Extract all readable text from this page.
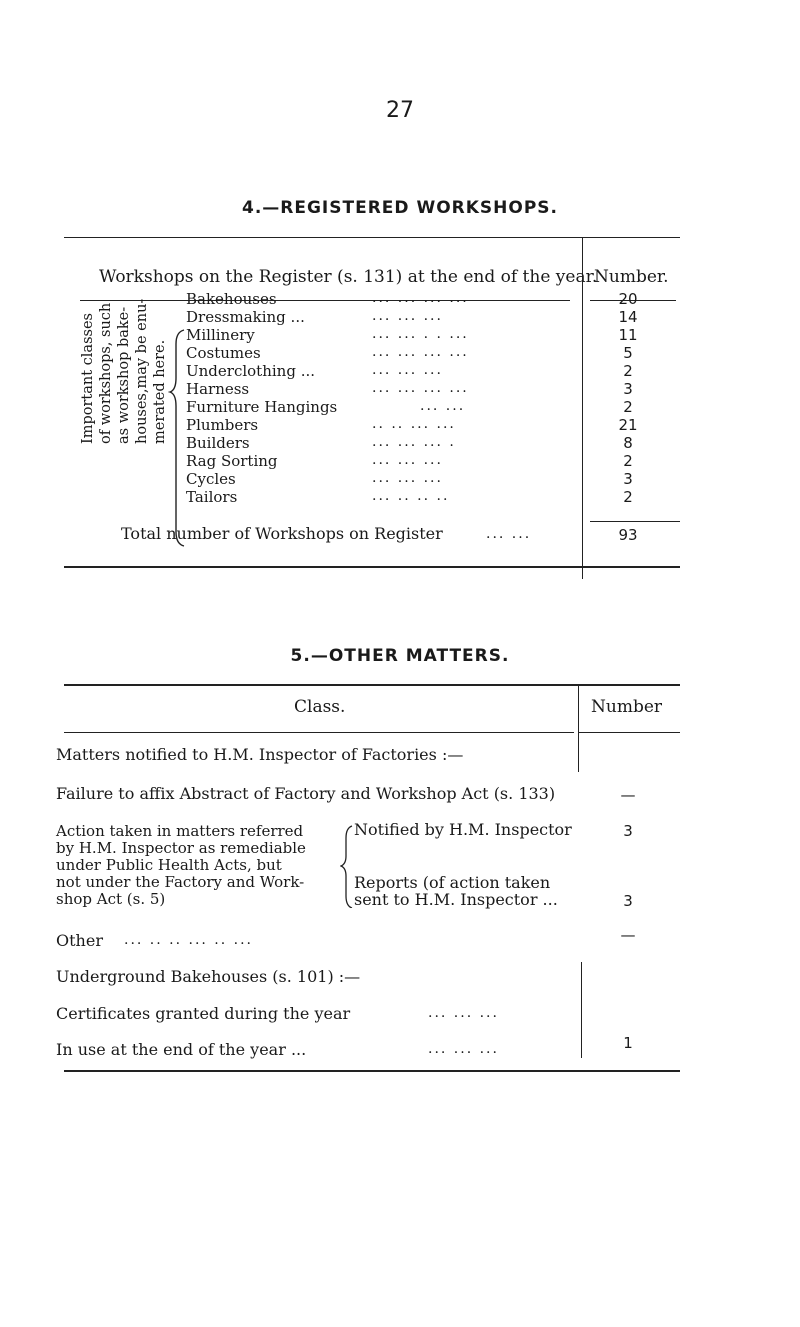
27
4.—REGISTERED WORKSHOPS.
Workshops on the Register (s. 131) at the end of the year.
Number.
Important classes of workshops, such as workshop bake- houses,may be enu- merated here.
Bakehouses	... ... ... ...	20
Dressmaking ...	... ... ...	14
Millinery	... ... . . ...	11
Costumes	... ... ... ...	5
Underclothing ...	... ... ...	2
Harness	... ... ... ...	3
Furniture Hangings	... ...	2
Plumbers	.. .. ... ...	21
Builders	... ... ... .	8
Rag Sorting	... ... ...	2
Cycles	... ... ...	3
Tailors	... .. .. ..	2
Total number of Workshops on Register	... ...	93
5.—OTHER MATTERS.
Class.	Number
Matters notified to H.M. Inspector of Factories :—
Failure to affix Abstract of Factory and Workshop Act (s. 133)	—
Action taken in matters referred
by H.M. Inspector as remediable
under Public Health Acts, but
not under the Factory and Work-
shop Act (s. 5)
Notified by H.M. Inspector	3
Reports (of action taken
sent to H.M. Inspector ...	3
Other ... .. .. ... .. ...	—
Underground Bakehouses (s. 101) :—
Certificates granted during the year	... ... ...
In use at the end of the year ...	... ... ...	1
